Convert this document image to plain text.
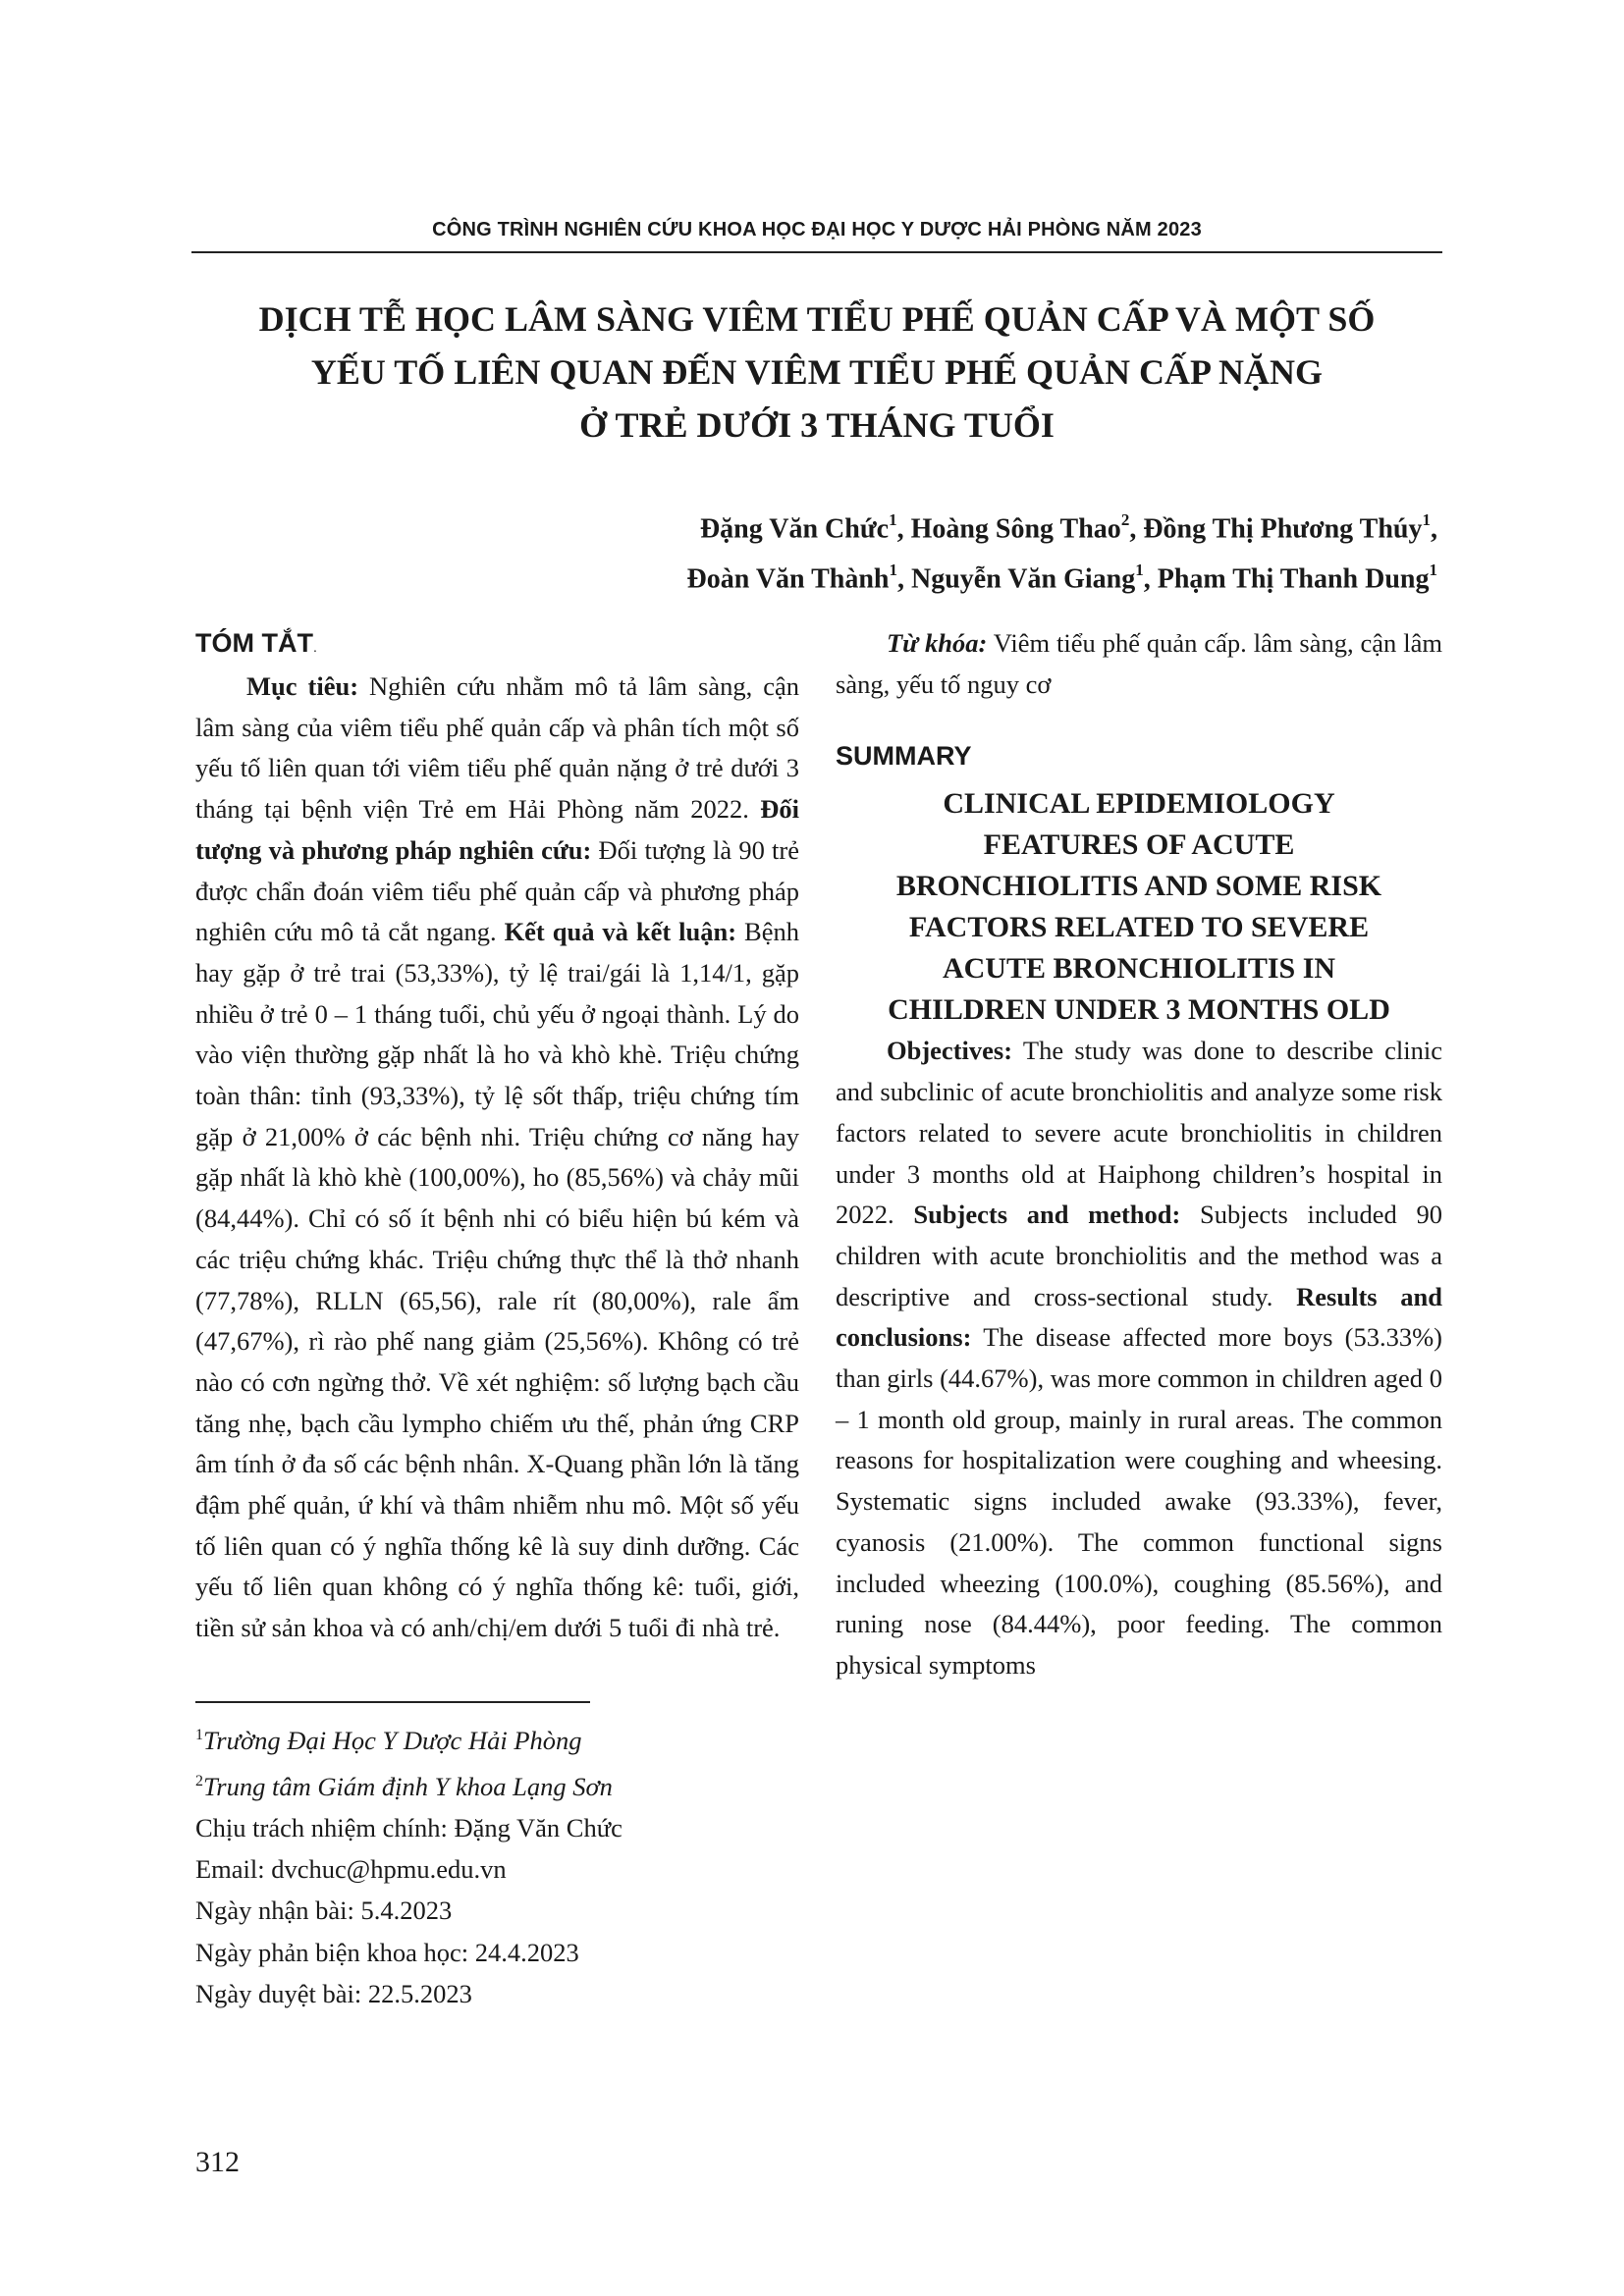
CÔNG TRÌNH NGHIÊN CỨU KHOA HỌC ĐẠI HỌC Y DƯỢC HẢI PHÒNG NĂM 2023
DỊCH TỄ HỌC LÂM SÀNG VIÊM TIỂU PHẾ QUẢN CẤP VÀ MỘT SỐ
YẾU TỐ LIÊN QUAN ĐẾN VIÊM TIỂU PHẾ QUẢN CẤP NẶNG
Ở TRẺ DƯỚI 3 THÁNG TUỔI
Đặng Văn Chức$^1$, Hoàng Sông Thao$^2$, Đồng Thị Phương Thúy$^1$,
Đoàn Văn Thành$^1$, Nguyễn Văn Giang$^1$, Phạm Thị Thanh Dung$^1$
TÓM TẮT.

Mục tiêu: Nghiên cứu nhằm mô tả lâm sàng, cận lâm sàng của viêm tiểu phế quản cấp và phân tích một số yếu tố liên quan tới viêm tiểu phế quản nặng ở trẻ dưới 3 tháng tại bệnh viện Trẻ em Hải Phòng năm 2022. Đối tượng và phương pháp nghiên cứu: Đối tượng là 90 trẻ được chẩn đoán viêm tiểu phế quản cấp và phương pháp nghiên cứu mô tả cắt ngang. Kết quả và kết luận: Bệnh hay gặp ở trẻ trai (53,33%), tỷ lệ trai/gái là 1,14/1, gặp nhiều ở trẻ 0 – 1 tháng tuổi, chủ yếu ở ngoại thành. Lý do vào viện thường gặp nhất là ho và khò khè. Triệu chứng toàn thân: tỉnh (93,33%), tỷ lệ sốt thấp, triệu chứng tím gặp ở 21,00% ở các bệnh nhi. Triệu chứng cơ năng hay gặp nhất là khò khè (100,00%), ho (85,56%) và chảy mũi (84,44%). Chỉ có số ít bệnh nhi có biểu hiện bú kém và các triệu chứng khác. Triệu chứng thực thể là thở nhanh (77,78%), RLLN (65,56), rale rít (80,00%), rale ẩm (47,67%), rì rào phế nang giảm (25,56%). Không có trẻ nào có cơn ngừng thở. Về xét nghiệm: số lượng bạch cầu tăng nhẹ, bạch cầu lympho chiếm ưu thế, phản ứng CRP âm tính ở đa số các bệnh nhân. X-Quang phần lớn là tăng đậm phế quản, ứ khí và thâm nhiễm nhu mô. Một số yếu tố liên quan có ý nghĩa thống kê là suy dinh dưỡng. Các yếu tố liên quan không có ý nghĩa thống kê: tuổi, giới, tiền sử sản khoa và có anh/chị/em dưới 5 tuổi đi nhà trẻ.

$^1$Trường Đại Học Y Dược Hải Phòng
$^2$Trung tâm Giám định Y khoa Lạng Sơn
Chịu trách nhiệm chính: Đặng Văn Chức
Email: dvchuc@hpmu.edu.vn
Ngày nhận bài: 5.4.2023
Ngày phản biện khoa học: 24.4.2023
Ngày duyệt bài: 22.5.2023

Từ khóa: Viêm tiểu phế quản cấp. lâm sàng, cận lâm sàng, yếu tố nguy cơ

SUMMARY
CLINICAL EPIDEMIOLOGY
FEATURES OF ACUTE
BRONCHIOLITIS AND SOME RISK
FACTORS RELATED TO SEVERE
ACUTE BRONCHIOLITIS IN
CHILDREN UNDER 3 MONTHS OLD

Objectives: The study was done to describe clinic and subclinic of acute bronchiolitis and analyze some risk factors related to severe acute bronchiolitis in children under 3 months old at Haiphong children’s hospital in 2022. Subjects and method: Subjects included 90 children with acute bronchiolitis and the method was a descriptive and cross-sectional study. Results and conclusions: The disease affected more boys (53.33%) than girls (44.67%), was more common in children aged 0 – 1 month old group, mainly in rural areas. The common reasons for hospitalization were coughing and wheesing. Systematic signs included awake (93.33%), fever, cyanosis (21.00%). The common functional signs included wheezing (100.0%), coughing (85.56%), and runing nose (84.44%), poor feeding. The common physical symptoms

312
